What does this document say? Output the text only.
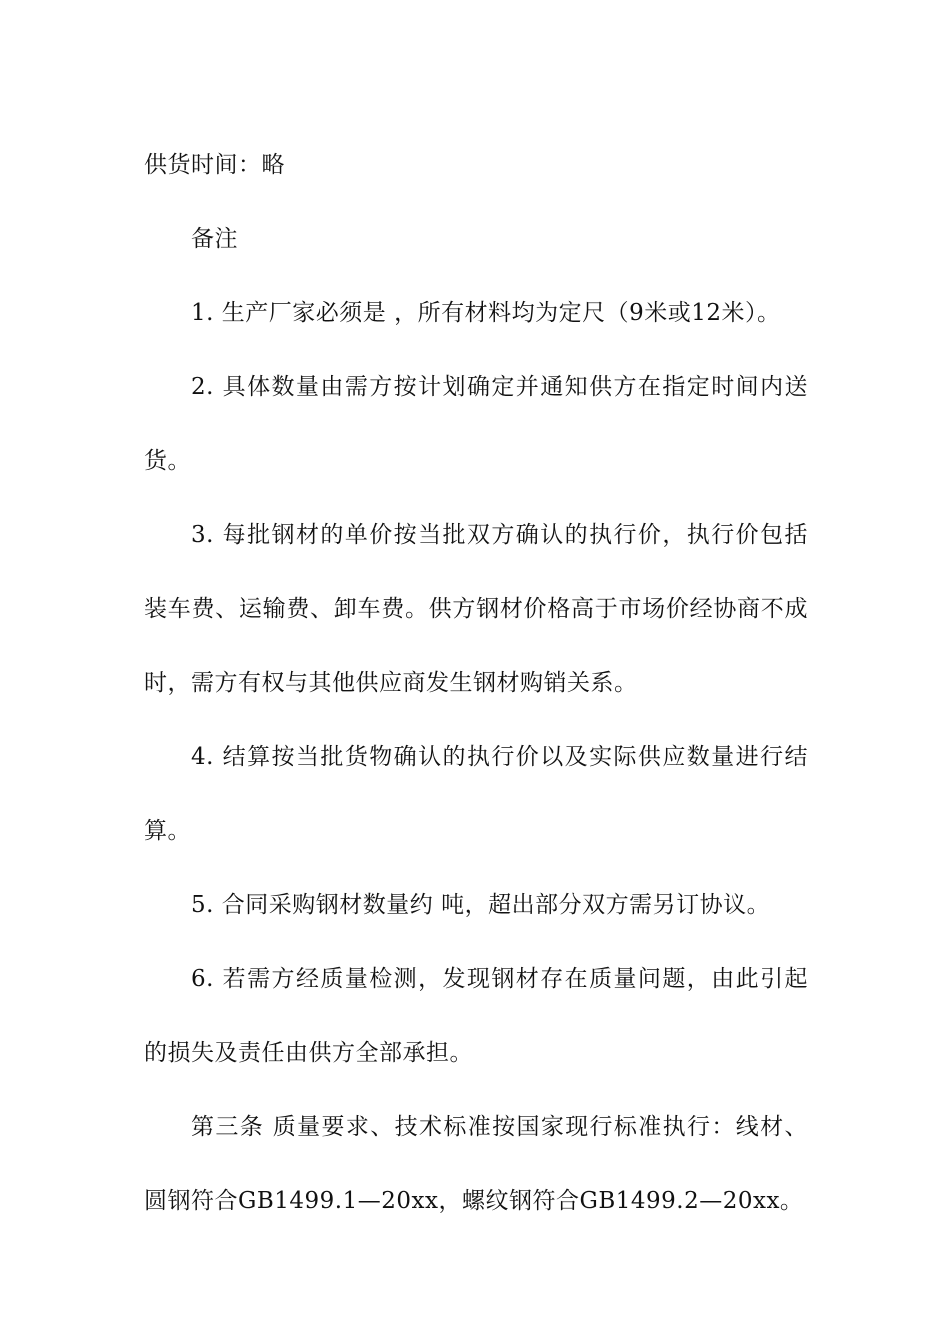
供货时间：略

备注

1. 生产厂家必须是 ，所有材料均为定尺（9米或12米）。

2. 具体数量由需方按计划确定并通知供方在指定时间内送货。

3. 每批钢材的单价按当批双方确认的执行价，执行价包括装车费、运输费、卸车费。供方钢材价格高于市场价经协商不成时，需方有权与其他供应商发生钢材购销关系。

4. 结算按当批货物确认的执行价以及实际供应数量进行结算。

5. 合同采购钢材数量约 吨，超出部分双方需另订协议。

6. 若需方经质量检测，发现钢材存在质量问题，由此引起的损失及责任由供方全部承担。

第三条 质量要求、技术标准按国家现行标准执行：线材、圆钢符合GB1499.1—20xx，螺纹钢符合GB1499.2—20xx。
